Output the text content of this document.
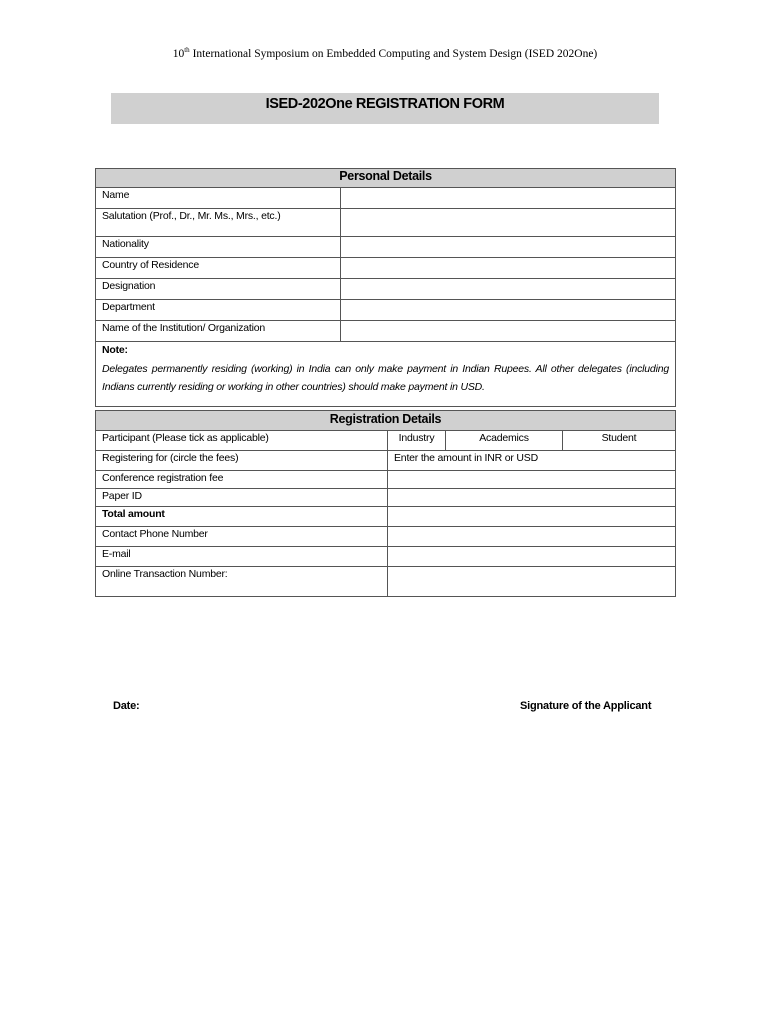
10th International Symposium on Embedded Computing and System Design (ISED 202One)
ISED-202One REGISTRATION FORM
Personal Details	
Name	
Salutation (Prof., Dr., Mr. Ms., Mrs., etc.)	
Nationality	
Country of Residence	
Designation	
Department	
Name of the Institution/ Organization	

Note:
Delegates permanently residing (working) in India can only make payment in Indian Rupees. All other delegates (including Indians currently residing or working in other countries) should make payment in USD.	
Registration Details			
Participant (Please tick as applicable)	Industry	Academics	Student
Registering for (circle the fees)	Enter the amount in INR or USD		
Conference registration fee			
Paper ID			
Total amount			
Contact Phone Number			
E-mail			
Online Transaction Number:			
Date:	Signature of the Applicant
